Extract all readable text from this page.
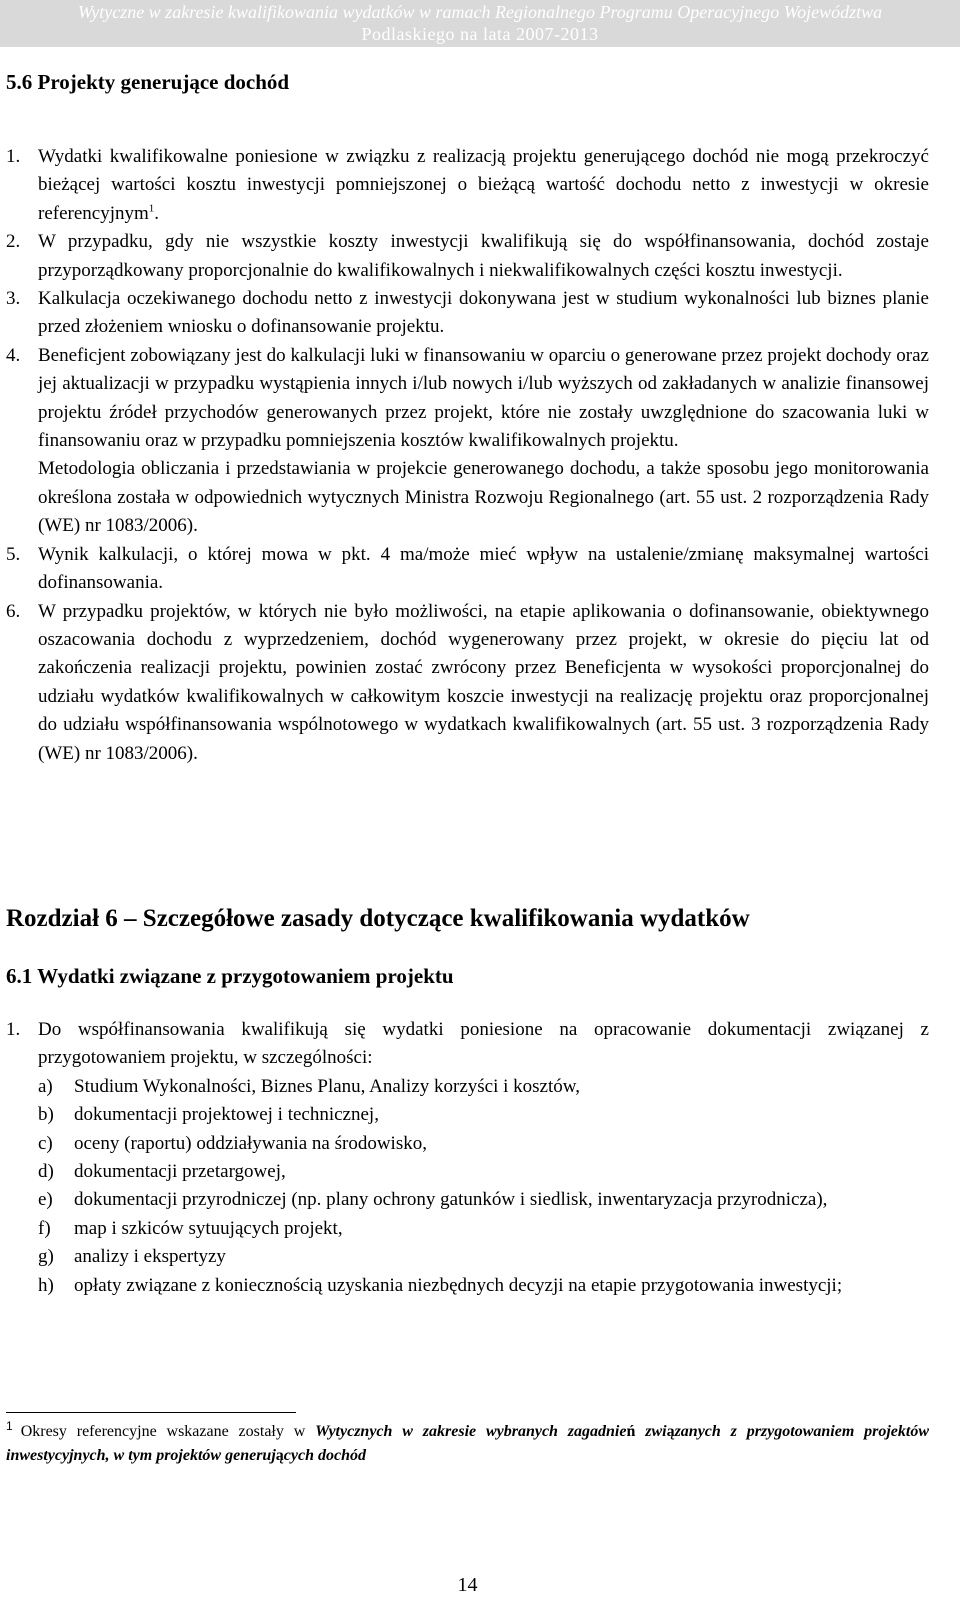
Wytyczne w zakresie kwalifikowania wydatków w ramach Regionalnego Programu Operacyjnego Województwa
Podlaskiego na lata 2007-2013
5.6 Projekty generujące dochód
1. Wydatki kwalifikowalne poniesione w związku z realizacją projektu generującego dochód nie mogą przekroczyć bieżącej wartości kosztu inwestycji pomniejszonej o bieżącą wartość dochodu netto z inwestycji w okresie referencyjnym$^1$.

2. W przypadku, gdy nie wszystkie koszty inwestycji kwalifikują się do współfinansowania, dochód zostaje przyporządkowany proporcjonalnie do kwalifikowalnych i niekwalifikowalnych części kosztu inwestycji.

3. Kalkulacja oczekiwanego dochodu netto z inwestycji dokonywana jest w studium wykonalności lub biznes planie przed złożeniem wniosku o dofinansowanie projektu.

4. Beneficjent zobowiązany jest do kalkulacji luki w finansowaniu w oparciu o generowane przez projekt dochody oraz jej aktualizacji w przypadku wystąpienia innych i/lub nowych i/lub wyższych od zakładanych w analizie finansowej projektu źródeł przychodów generowanych przez projekt, które nie zostały uwzględnione do szacowania luki w finansowaniu oraz w przypadku pomniejszenia kosztów kwalifikowalnych projektu.

Metodologia obliczania i przedstawiania w projekcie generowanego dochodu, a także sposobu jego monitorowania określona została w odpowiednich wytycznych Ministra Rozwoju Regionalnego (art. 55 ust. 2 rozporządzenia Rady (WE) nr 1083/2006).

5. Wynik kalkulacji, o której mowa w pkt. 4 ma/może mieć wpływ na ustalenie/zmianę maksymalnej wartości dofinansowania.

6. W przypadku projektów, w których nie było możliwości, na etapie aplikowania o dofinansowanie, obiektywnego oszacowania dochodu z wyprzedzeniem, dochód wygenerowany przez projekt, w okresie do pięciu lat od zakończenia realizacji projektu, powinien zostać zwrócony przez Beneficjenta w wysokości proporcjonalnej do udziału wydatków kwalifikowalnych w całkowitym koszcie inwestycji na realizację projektu oraz proporcjonalnej do udziału współfinansowania wspólnotowego w wydatkach kwalifikowalnych (art. 55 ust. 3 rozporządzenia Rady (WE) nr 1083/2006).

Rozdział 6 – Szczegółowe zasady dotyczące kwalifikowania wydatków
6.1 Wydatki związane z przygotowaniem projektu
1. Do współfinansowania kwalifikują się wydatki poniesione na opracowanie dokumentacji związanej z przygotowaniem projektu, w szczególności:

a) Studium Wykonalności, Biznes Planu, Analizy korzyści i kosztów,
b) dokumentacji projektowej i technicznej,
c) oceny (raportu) oddziaływania na środowisko,
d) dokumentacji przetargowej,
e) dokumentacji przyrodniczej (np. plany ochrony gatunków i siedlisk, inwentaryzacja przyrodnicza),
f) map i szkiców sytuujących projekt,
g) analizy i ekspertyzy
h) opłaty związane z koniecznością uzyskania niezbędnych decyzji na etapie przygotowania inwestycji;

$^1$ Okresy referencyjne wskazane zostały w Wytycznych w zakresie wybranych zagadnień związanych z przygotowaniem projektów inwestycyjnych, w tym projektów generujących dochód

14
